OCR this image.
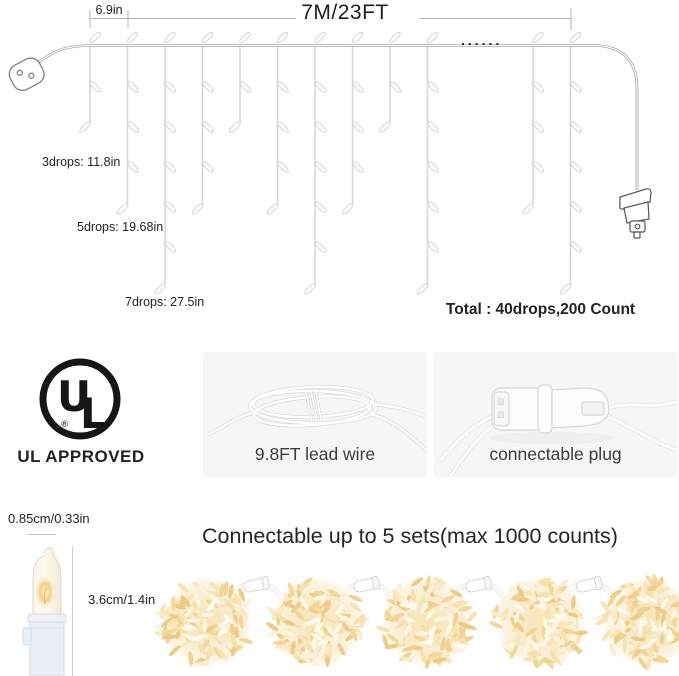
6.9in	7M/23FT
......
3drops: 11.8in
5drops: 19.68in
7drops: 27.5in	Total : 40drops,200 Count
U
L
®
UL APPROVED	9.8FT lead wire	connectable plug
0.85cm/0.33in
3.6cm/1.4in
Connectable up to 5 sets(max 1000 counts)
